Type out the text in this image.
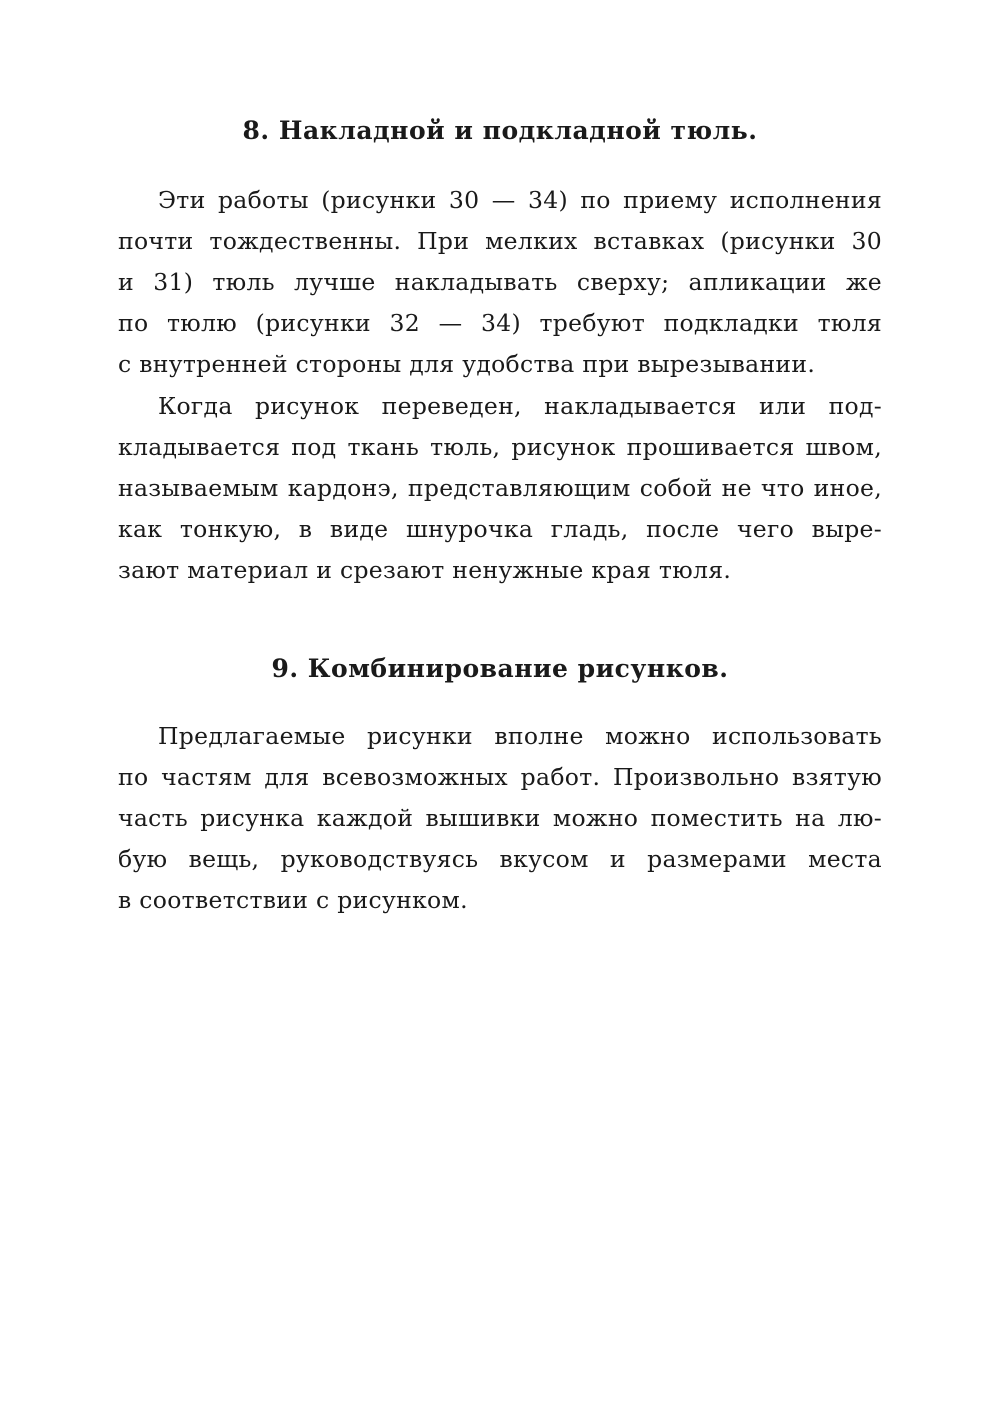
8. Накладной и подкладной тюль.
Эти работы (рисунки 30 — 34) по приему исполнения
почти тождественны. При мелких вставках (рисунки 30
и 31) тюль лучше накладывать сверху; апликации же
по тюлю (рисунки 32 — 34) требуют подкладки тюля
с внутренней стороны для удобства при вырезывании.
Когда рисунок переведен, накладывается или под-
кладывается под ткань тюль, рисунок прошивается швом,
называемым кардонэ, представляющим собой не что иное,
как тонкую, в виде шнурочка гладь, после чего выре-
зают материал и срезают ненужные края тюля.
9. Комбинирование рисунков.
Предлагаемые рисунки вполне можно использовать
по частям для всевозможных работ. Произвольно взятую
часть рисунка каждой вышивки можно поместить на лю-
бую вещь, руководствуясь вкусом и размерами места
в соответствии с рисунком.
